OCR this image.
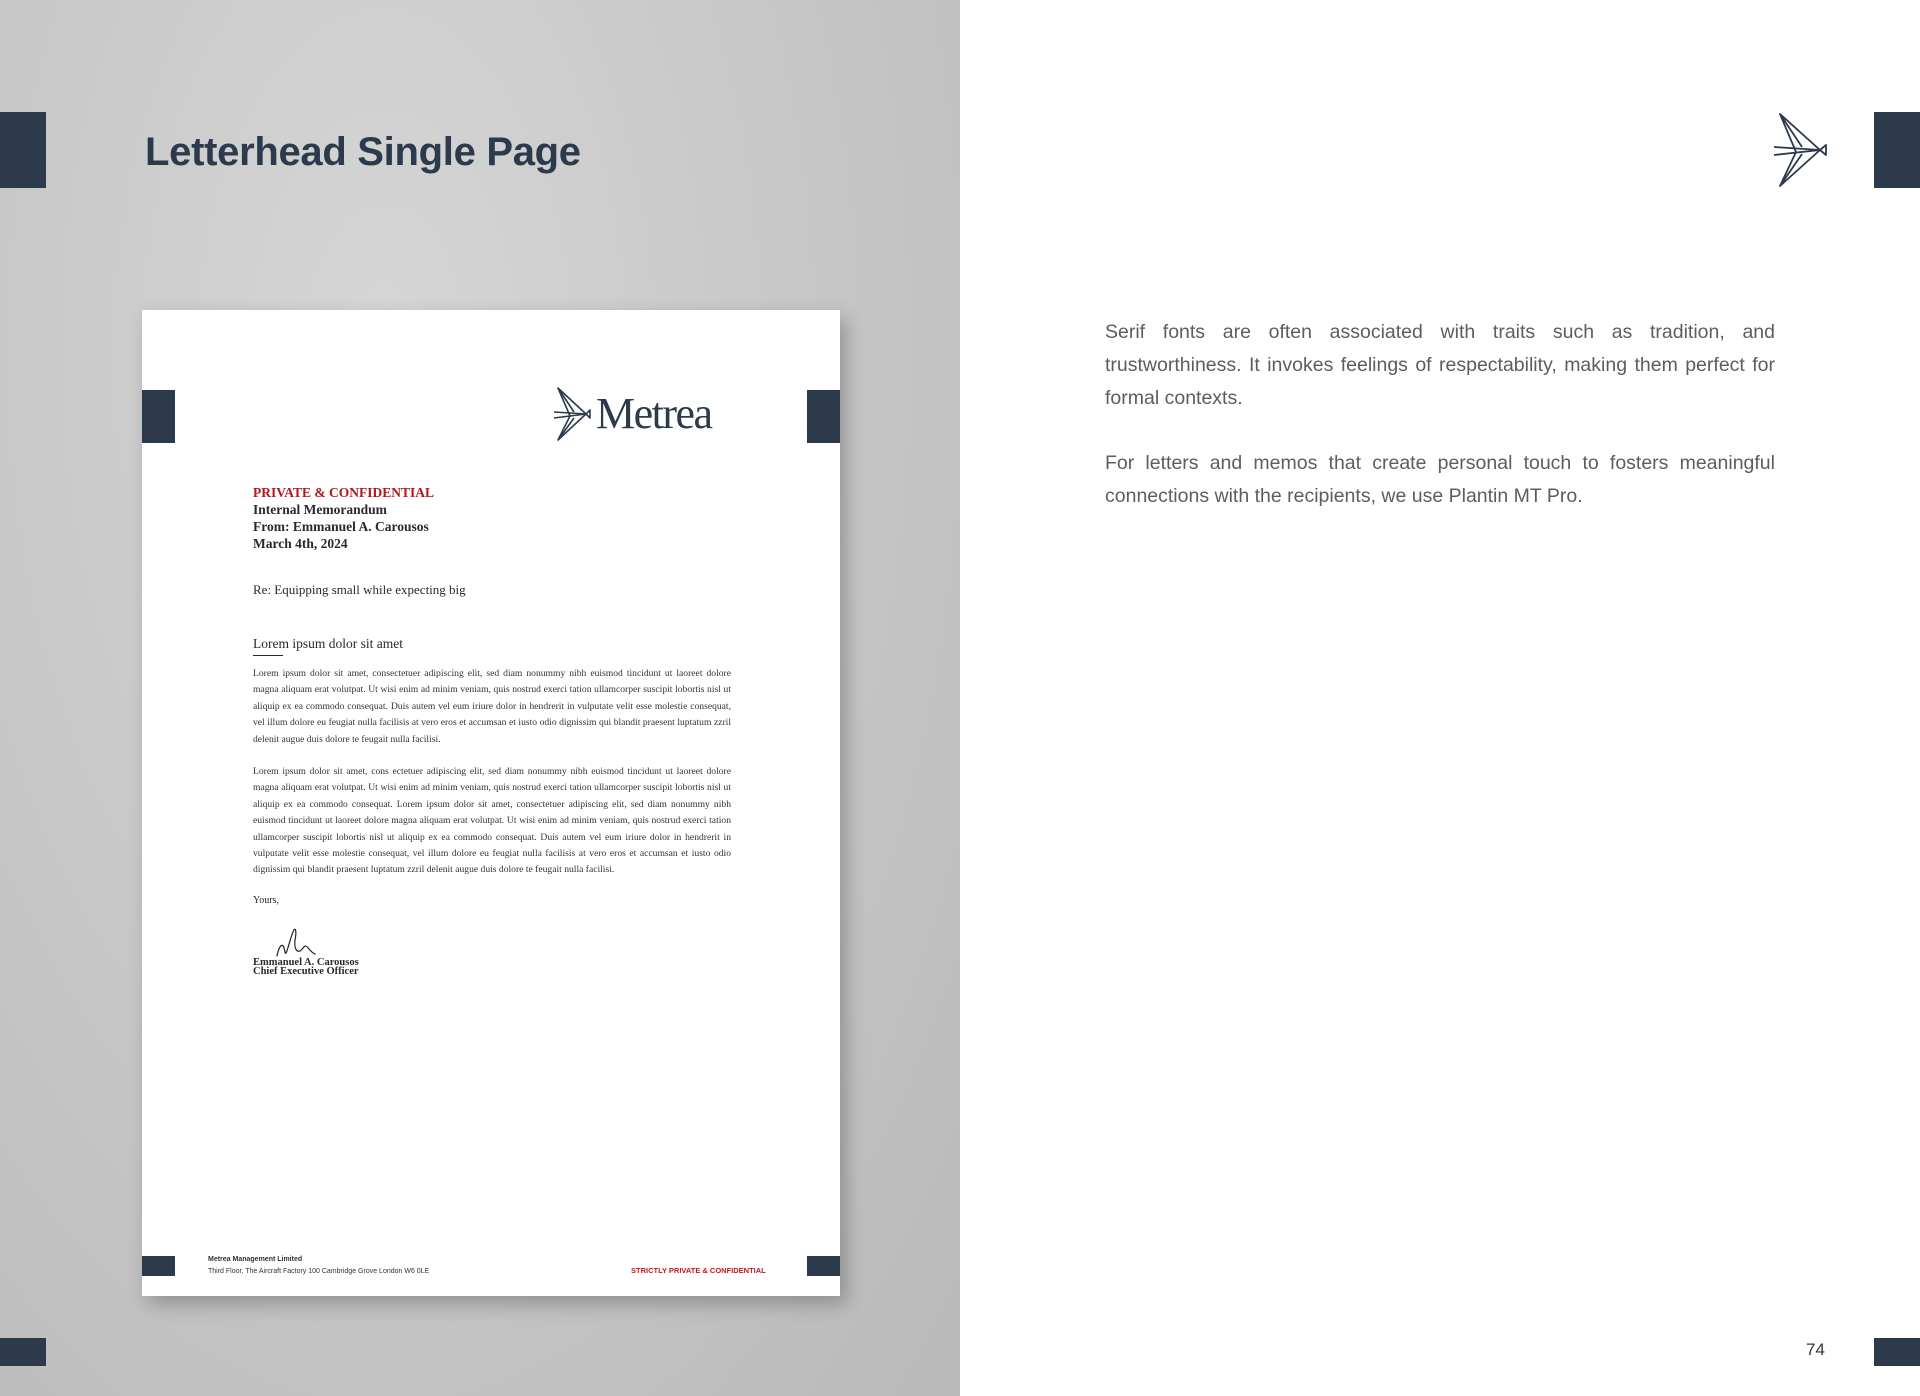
Letterhead Single Page
Metrea
PRIVATE & CONFIDENTIAL
Internal Memorandum
From: Emmanuel A. Carousos
March 4th, 2024
Re: Equipping small while expecting big
Lorem ipsum dolor sit amet

Lorem ipsum dolor sit amet, consectetuer adipiscing elit, sed diam nonummy nibh euismod tincidunt ut laoreet dolore magna aliquam erat volutpat. Ut wisi enim ad minim veniam, quis nostrud exerci tation ullamcorper suscipit lobortis nisl ut aliquip ex ea commodo consequat. Duis autem vel eum iriure dolor in hendrerit in vulputate velit esse molestie consequat, vel illum dolore eu feugiat nulla facilisis at vero eros et accumsan et iusto odio dignissim qui blandit praesent luptatum zzril delenit augue duis dolore te feugait nulla facilisi.

Lorem ipsum dolor sit amet, cons ectetuer adipiscing elit, sed diam nonummy nibh euismod tincidunt ut laoreet dolore magna aliquam erat volutpat. Ut wisi enim ad minim veniam, quis nostrud exerci tation ullamcorper suscipit lobortis nisl ut aliquip ex ea commodo consequat. Lorem ipsum dolor sit amet, consectetuer adipiscing elit, sed diam nonummy nibh euismod tincidunt ut laoreet dolore magna aliquam erat volutpat. Ut wisi enim ad minim veniam, quis nostrud exerci tation ullamcorper suscipit lobortis nisl ut aliquip ex ea commodo consequat. Duis autem vel eum iriure dolor in hendrerit in vulputate velit esse molestie consequat, vel illum dolore eu feugiat nulla facilisis at vero eros et accumsan et iusto odio dignissim qui blandit praesent luptatum zzril delenit augue duis dolore te feugait nulla facilisi.

Yours,
Emmanuel A. Carousos
Chief Executive Officer
Metrea Management Limited
Third Floor, The Aircraft Factory 100 Cambridge Grove London W6 0LE	STRICTLY PRIVATE & CONFIDENTIAL

Serif fonts are often associated with traits such as tradition, and trustworthiness. It invokes feelings of respectability, making them perfect for formal contexts.

For letters and memos that create personal touch to fosters meaningful connections with the recipients, we use Plantin MT Pro.

74
